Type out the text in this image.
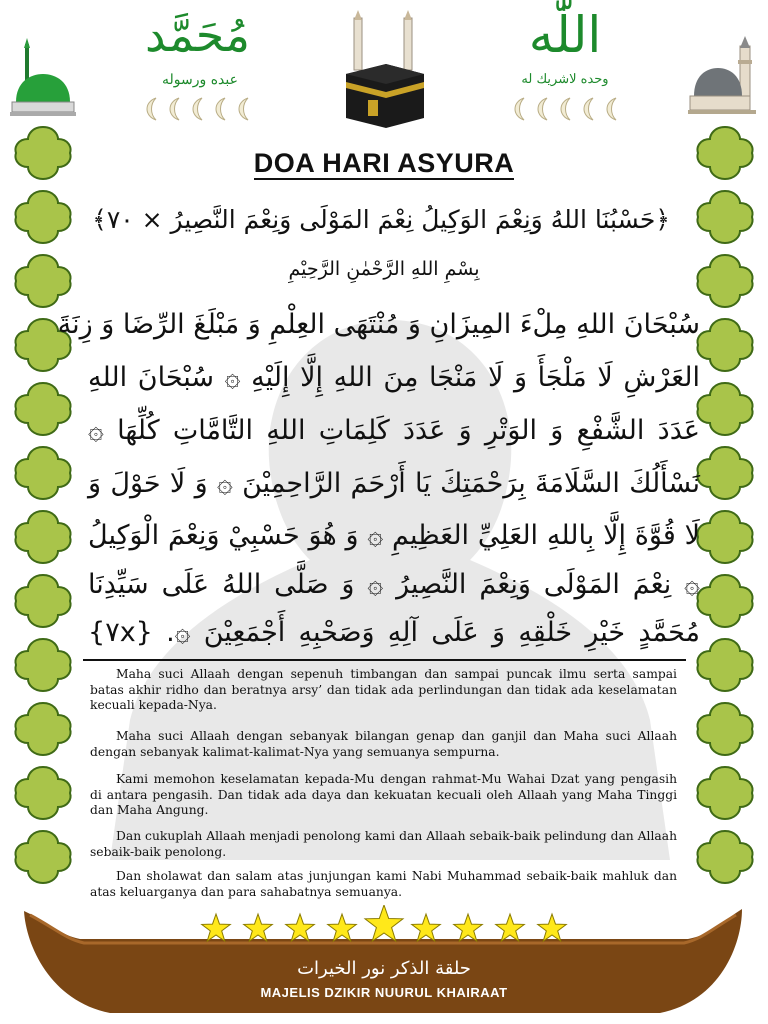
مُحَمَّد
عبده ورسوله
اللّٰه
وحده لاشريك له
DOA HARI ASYURA
﴿حَسْبُنَا اللهُ وَنِعْمَ الوَكِيلُ نِعْمَ المَوْلَى وَنِعْمَ النَّصِيرُ × ٧٠﴾
بِسْمِ اللهِ الرَّحْمٰنِ الرَّحِيْمِ
سُبْحَانَ اللهِ مِلْءَ المِيزَانِ وَ مُنْتَهَى العِلْمِ وَ مَبْلَغَ الرِّضَا وَ زِنَةَ
العَرْشِ لَا مَلْجَأَ وَ لَا مَنْجَا مِنَ اللهِ إِلَّا إِلَيْهِ ۞ سُبْحَانَ اللهِ
عَدَدَ الشَّفْعِ وَ الوَتْرِ وَ عَدَدَ كَلِمَاتِ اللهِ التَّامَّاتِ كُلِّهَا ۞
نَسْأَلُكَ السَّلَامَةَ بِرَحْمَتِكَ يَا أَرْحَمَ الرَّاحِمِيْنَ ۞ وَ لَا حَوْلَ وَ
لَا قُوَّةَ إِلَّا بِاللهِ العَلِيِّ العَظِيمِ ۞ وَ هُوَ حَسْبِيْ وَنِعْمَ الْوَكِيلُ
۞ نِعْمَ المَوْلَى وَنِعْمَ النَّصِيرُ ۞ وَ صَلَّى اللهُ عَلَى سَيِّدِنَا
مُحَمَّدٍ خَيْرِ خَلْقِهِ وَ عَلَى آلِهِ وَصَحْبِهِ أَجْمَعِيْنَ ۞. {٧x}
Maha suci Allaah dengan sepenuh timbangan dan sampai puncak ilmu serta sampai batas akhir ridho dan beratnya arsy’ dan tidak ada perlindungan dan tidak ada keselamatan kecuali kepada-Nya.
Maha suci Allaah dengan sebanyak bilangan genap dan ganjil dan Maha suci Allaah dengan sebanyak kalimat-kalimat-Nya yang semuanya sempurna.
Kami memohon keselamatan kepada-Mu dengan rahmat-Mu Wahai Dzat yang pengasih di antara pengasih. Dan tidak ada daya dan kekuatan kecuali oleh Allaah yang Maha Tinggi dan Maha Angung.
Dan cukuplah Allaah menjadi penolong kami dan Allaah sebaik-baik pelindung dan Allaah sebaik-baik penolong.
Dan sholawat dan salam atas junjungan kami Nabi Muhammad sebaik-baik mahluk dan atas keluarganya dan para sahabatnya semuanya.
حلقة الذكر نور الخيرات
MAJELIS DZIKIR NUURUL KHAIRAAT
